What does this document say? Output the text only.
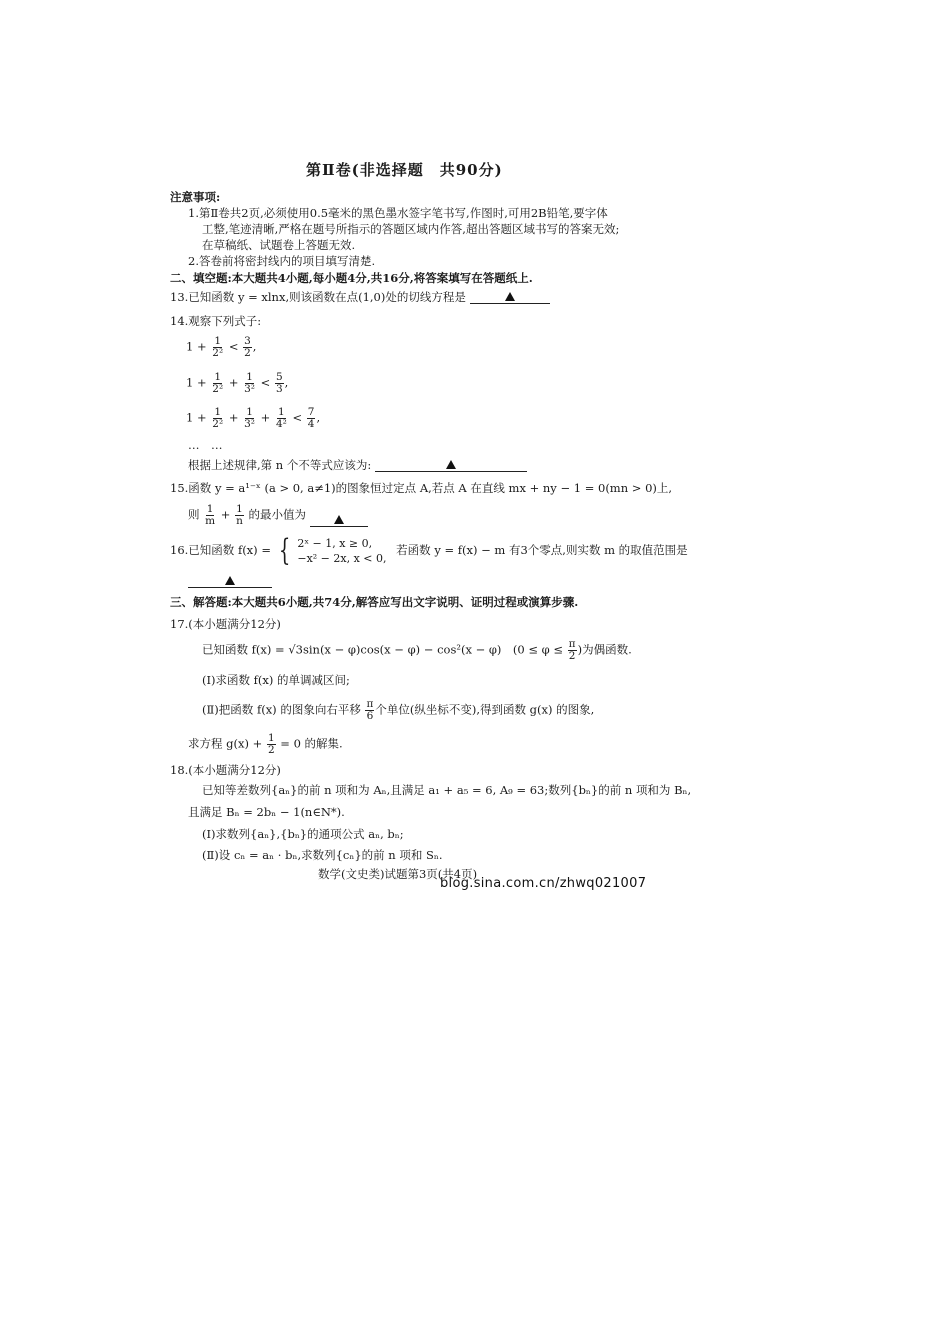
第Ⅱ卷(非选择题　共90分)
注意事项:
1.第Ⅱ卷共2页,必须使用0.5毫米的黑色墨水签字笔书写,作图时,可用2B铅笔,要字体
工整,笔迹清晰,严格在题号所指示的答题区域内作答,超出答题区域书写的答案无效;
在草稿纸、试题卷上答题无效.
2.答卷前将密封线内的项目填写清楚.
二、填空题:本大题共4小题,每小题4分,共16分,将答案填写在答题纸上.
13.已知函数 y = xlnx,则该函数在点(1,0)处的切线方程是
14.观察下列式子:
$1 + \frac{1}{\text{2²}} < \frac{3}{2}$ ,
$1 + \frac{1}{\text{2²}} + \frac{1}{\text{3²}} < \frac{5}{3}$ ,
$1 + \frac{1}{\text{2²}} + \frac{1}{\text{3²}} + \frac{1}{\text{4²}} < \frac{7}{4}$ ,
…　…
根据上述规律,第 n 个不等式应该为:
15.函数 y = a¹⁻ˣ (a > 0, a≠1)的图象恒过定点 A,若点 A 在直线 mx + ny − 1 = 0(mn > 0)上,
则 $\frac{1}{m} + \frac{1}{n}$ 的最小值为
16.已知函数 f(x) = { 2ˣ − 1, x ≥ 0,
−x² − 2x, x < 0,
若函数 y = f(x) − m 有3个零点,则实数 m 的取值范围是
三、解答题:本大题共6小题,共74分,解答应写出文字说明、证明过程或演算步骤.
17.(本小题满分12分)
已知函数 f(x) = √3sin(x − φ)cos(x − φ) − cos²(x − φ)　($0 \le \varphi \le \frac{\pi}{2}$ )为偶函数.
(Ⅰ)求函数 f(x) 的单调减区间;
(Ⅱ)把函数 f(x) 的图象向右平移 $\frac{\pi}{6}$ 个单位(纵坐标不变),得到函数 g(x) 的图象,
求方程 $g(x) + \frac{1}{2} = 0$ 的解集.
18.(本小题满分12分)
已知等差数列{aₙ}的前 n 项和为 Aₙ,且满足 a₁ + a₅ = 6, A₉ = 63;数列{bₙ}的前 n 项和为 Bₙ,
且满足 Bₙ = 2bₙ − 1(n∈N*).
(Ⅰ)求数列{aₙ},{bₙ}的通项公式 aₙ, bₙ;
(Ⅱ)设 cₙ = aₙ · bₙ,求数列{cₙ}的前 n 项和 Sₙ.
数学(文史类)试题第3页(共4页)
blog.sina.com.cn/zhwq021007
